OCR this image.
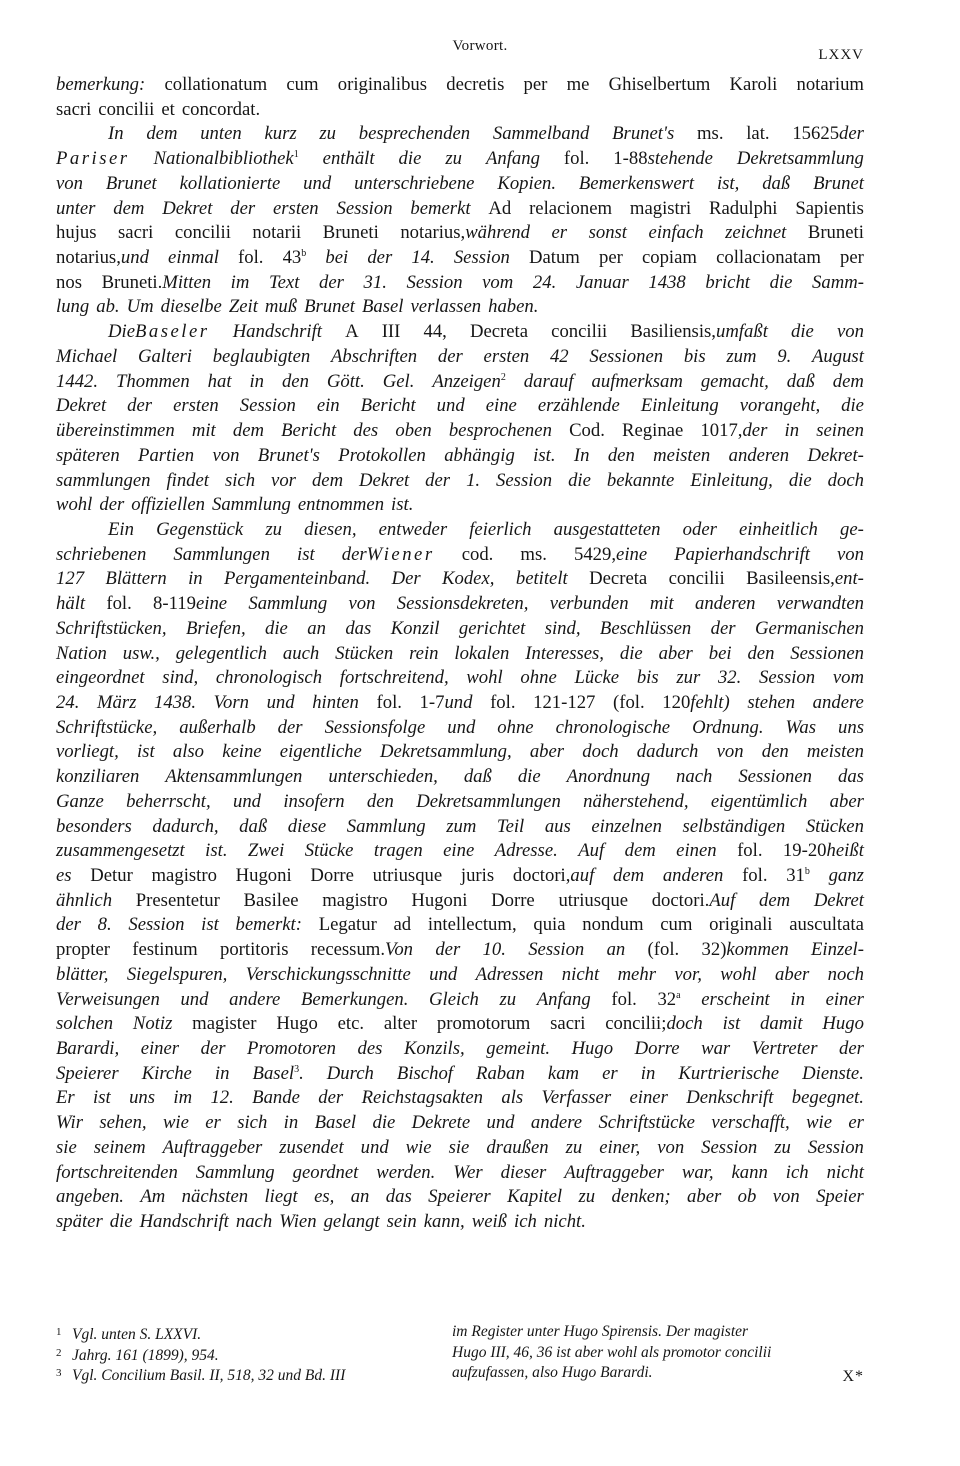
Vorwort.
LXXV
bemerkung: collationatum cum originalibus decretis per me Ghiselbertum Karoli notarium
sacri concilii et concordat.
In dem unten kurz zu besprechenden Sammelband Brunet's ms. lat. 15625der
Pariser Nationalbibliothek$^1$ enthält die zu Anfang fol. 1-88stehende Dekretsammlung
von Brunet kollationierte und unterschriebene Kopien. Bemerkenswert ist, daß Brunet
unter dem Dekret der ersten Session bemerkt Ad relacionem magistri Radulphi Sapientis
hujus sacri concilii notarii Bruneti notarius,während er sonst einfach zeichnet Bruneti
notarius,und einmal fol. 43$^b$ bei der 14. Session Datum per copiam collacionatam per
nos Bruneti.Mitten im Text der 31. Session vom 24. Januar 1438 bricht die Samm-
lung ab. Um dieselbe Zeit muß Brunet Basel verlassen haben.
DieBaseler Handschrift A III 44, Decreta concilii Basiliensis,umfaßt die von
Michael Galteri beglaubigten Abschriften der ersten 42 Sessionen bis zum 9. August
1442. Thommen hat in den Gött. Gel. Anzeigen$^2$ darauf aufmerksam gemacht, daß dem
Dekret der ersten Session ein Bericht und eine erzählende Einleitung vorangeht, die
übereinstimmen mit dem Bericht des oben besprochenen Cod. Reginae 1017,der in seinen
späteren Partien von Brunet's Protokollen abhängig ist. In den meisten anderen Dekret-
sammlungen findet sich vor dem Dekret der 1. Session die bekannte Einleitung, die doch
wohl der offiziellen Sammlung entnommen ist.
Ein Gegenstück zu diesen, entweder feierlich ausgestatteten oder einheitlich ge-
schriebenen Sammlungen ist derWiener cod. ms. 5429,eine Papierhandschrift von
127 Blättern in Pergamenteinband. Der Kodex, betitelt Decreta concilii Basileensis,ent-
hält fol. 8-119eine Sammlung von Sessionsdekreten, verbunden mit anderen verwandten
Schriftstücken, Briefen, die an das Konzil gerichtet sind, Beschlüssen der Germanischen
Nation usw., gelegentlich auch Stücken rein lokalen Interesses, die aber bei den Sessionen
eingeordnet sind, chronologisch fortschreitend, wohl ohne Lücke bis zur 32. Session vom
24. März 1438. Vorn und hinten fol. 1-7und fol. 121-127 (fol. 120fehlt) stehen andere
Schriftstücke, außerhalb der Sessionsfolge und ohne chronologische Ordnung. Was uns
vorliegt, ist also keine eigentliche Dekretsammlung, aber doch dadurch von den meisten
konziliaren Aktensammlungen unterschieden, daß die Anordnung nach Sessionen das
Ganze beherrscht, und insofern den Dekretsammlungen näherstehend, eigentümlich aber
besonders dadurch, daß diese Sammlung zum Teil aus einzelnen selbständigen Stücken
zusammengesetzt ist. Zwei Stücke tragen eine Adresse. Auf dem einen fol. 19-20heißt
es Detur magistro Hugoni Dorre utriusque juris doctori,auf dem anderen fol. 31$^b$ ganz
ähnlich Presentetur Basilee magistro Hugoni Dorre utriusque doctori.Auf dem Dekret
der 8. Session ist bemerkt: Legatur ad intellectum, quia nondum cum originali auscultata
propter festinum portitoris recessum.Von der 10. Session an (fol. 32)kommen Einzel-
blätter, Siegelspuren, Verschickungsschnitte und Adressen nicht mehr vor, wohl aber noch
Verweisungen und andere Bemerkungen. Gleich zu Anfang fol. 32$^a$ erscheint in einer
solchen Notiz magister Hugo etc. alter promotorum sacri concilii;doch ist damit Hugo
Barardi, einer der Promotoren des Konzils, gemeint. Hugo Dorre war Vertreter der
Speierer Kirche in Basel$^3$. Durch Bischof Raban kam er in Kurtrierische Dienste.
Er ist uns im 12. Bande der Reichstagsakten als Verfasser einer Denkschrift begegnet.
Wir sehen, wie er sich in Basel die Dekrete und andere Schriftstücke verschafft, wie er
sie seinem Auftraggeber zusendet und wie sie draußen zu einer, von Session zu Session
fortschreitenden Sammlung geordnet werden. Wer dieser Auftraggeber war, kann ich nicht
angeben. Am nächsten liegt es, an das Speierer Kapitel zu denken; aber ob von Speier
später die Handschrift nach Wien gelangt sein kann, weiß ich nicht.
1 Vgl. unten S. LXXVI.
2 Jahrg. 161 (1899), 954.
3 Vgl. Concilium Basil. II, 518, 32 und Bd. III
im Register unter Hugo Spirensis. Der magister
Hugo III, 46, 36 ist aber wohl als promotor concilii
aufzufassen, also Hugo Barardi.	X*
